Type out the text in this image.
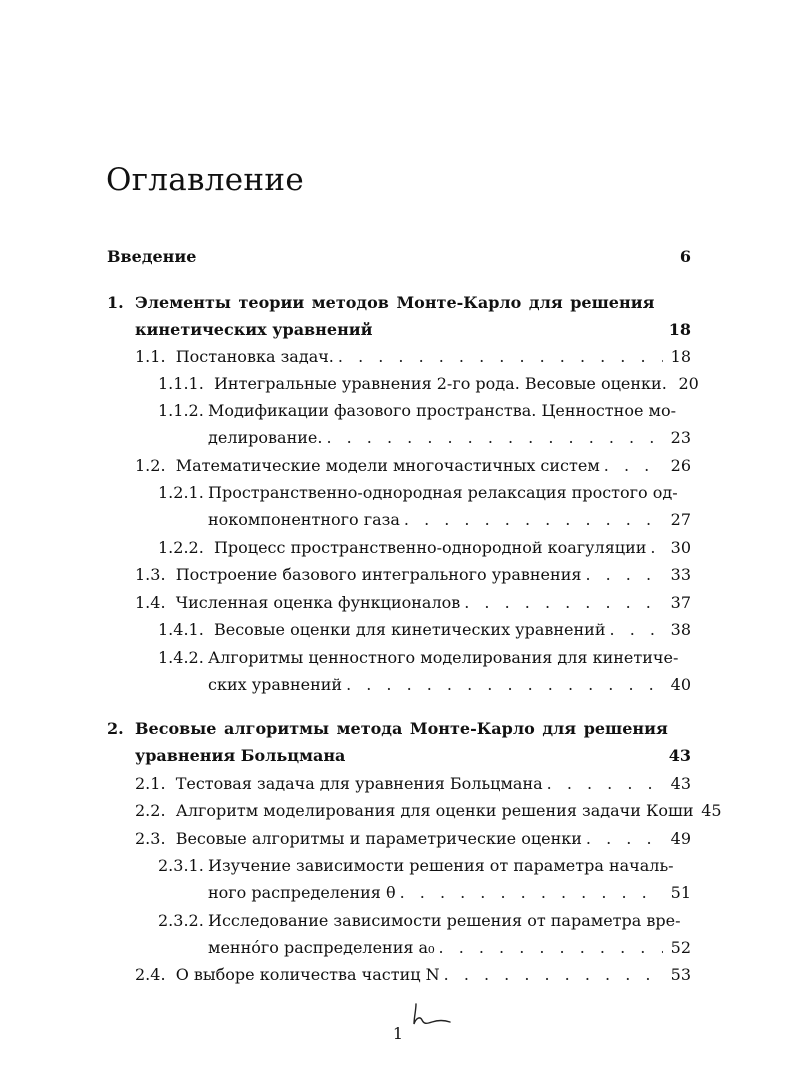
Оглавление
Введение	6
1. Элементы теории методов Монте-Карло для решения
кинетических уравнений	18
1.1. Постановка задач. . . .	18
1.1.1. Интегральные уравнения 2-го рода. Весовые оценки. 20
1.1.2. Модификации фазового пространства. Ценностное мо-
делирование. . . .	23
1.2. Математические модели многочастичных систем . . .	26
1.2.1. Пространственно-однородная релаксация простого од-
нокомпонентного газа . . .	27
1.2.2. Процесс пространственно-однородной коагуляции . . . 30
1.3. Построение базового интегрального уравнения . . .	33
1.4. Численная оценка функционалов . . .	37
1.4.1. Весовые оценки для кинетических уравнений . . .	38
1.4.2. Алгоритмы ценностного моделирования для кинетиче-
ских уравнений . . .	40
2. Весовые алгоритмы метода Монте-Карло для решения
уравнения Больцмана	43
2.1. Тестовая задача для уравнения Больцмана . . .	43
2.2. Алгоритм моделирования для оценки решения задачи Коши 45
2.3. Весовые алгоритмы и параметрические оценки . . .	49
2.3.1. Изучение зависимости решения от параметра началь-
ного распределения θ . . .	51
2.3.2. Исследование зависимости решения от параметра вре-
меннóго распределения a₀ . . .	52
2.4. О выборе количества частиц N . . .	53
1
